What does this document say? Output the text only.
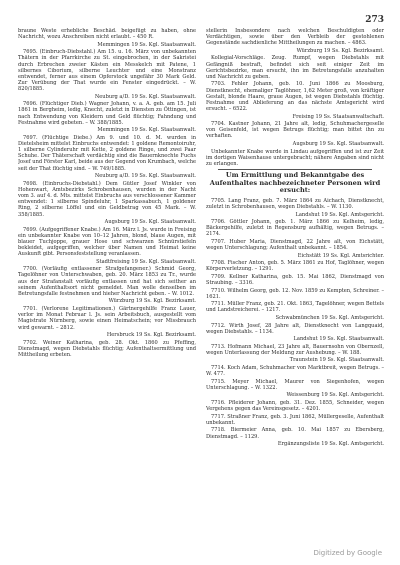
273

braune Weste erhebliche Beschäd. beigefügt zu haben, ohne Nachricht, wozu Anschreiben nicht erlaubt. – 450 R.

Memmingen 19 Ss. Kgl. Staatsanwalt.

7695. (Einbruch-Diebstahl.) Am 15. u. 16. März von unbekannten Thätern in der Pfarrkirche zu St. eingebrochen, in der Sakristei durch Erbrechen zweier Kästen ein Messkelch mit Patene, 1 silbernes Ciborium, silberne Leuchter und eine Monstranz entwendet, ferner aus einem Opferstock ungefähr 30 Mark Geld. Zur Verübung der That wurde ein Fenster eingedrückt. – W. 820/1885.

Neuburg a/D. 19 Ss. Kgl. Staatsanwalt.

7696. (Flüchtiger Dieb.) Wagner Johann, v. a. A. geb. am 15. Juli 1861 in Bergheim, ledig, Knecht, zuletzt in Diensten zu Öttingen, ist nach Entwendung von Kleidern und Geld flüchtig; Fahndung und Festnahme wird gebeten. – W. 388/1885.

Memmingen 19 Ss. Kgl. Staatsanwalt.

7697. (Flüchtige Diebe.) Am 9. und 10. d. M. wurden in Dietelsheim mittelst Einbruchs entwendet: 1 goldene Remontoiruhr, 1 silberne Cylinderuhr mit Kette, 2 goldene Ringe, und zwei Paar Schuhe. Der Thäterschaft verdächtig sind die Bauernknechte Fuchs Josef und Förster Karl, beide aus der Gegend von Krumbach, welche seit der That flüchtig sind. – W. 749/1885.

Neuburg a/D. 19 Ss. Kgl. Staatsanwalt.

7698. (Einbruchs-Diebstahl.) Dem Gütler Josef Winkler von Hohenwart, Amtsbezirks Schrobenhausen, wurden in der Nacht vom 3. auf 4. d. Mts. mittelst Einbruchs aus verschlossener Kammer entwendet: 1 silberne Spindeluhr, 1 Sparkassabuch, 1 goldener Ring, 2 silberne Löffel und ein Geldbetrag von 45 Mark. – W. 358/1885.

Augsburg 19 Ss. Kgl. Staatsanwalt.

7699. (Aufgegriffener Knabe.) Am 16. März l. Js. wurde in Freising ein unbekannter Knabe von 10–12 Jahren, blond, blaue Augen, mit blauer Tuchjoppe, grauer Hose und schwarzen Schnürstiefeln bekleidet, aufgegriffen, welcher über Namen und Heimat keine Auskunft gibt. Personsfeststellung veranlassen.

Stadtfreising 19 Ss. Kgl. Staatsanwalt.

7700. (Vorläufig entlassener Strafgefangener.) Schmid Georg, Tagelöhner von Unterschwaben, geb. 20. März 1853 zu Tr., wurde aus der Strafanstalt vorläufig entlassen und hat sich seither an seinem Aufenthaltsort nicht gemeldet. Man wolle denselben im Betretungsfalle festnehmen und hieher Nachricht geben. – W. 1012.

Würzburg 19 Ss. Kgl. Bezirksamt.

7701. (Verlorene Legitimationen.) Gärtnergehilfe Franz Lauer, verlor im Monat Februar l. Js. sein Arbeitsbuch, ausgestellt vom Magistrate Nürnberg, sowie einen Heimatschein; vor Missbrauch wird gewarnt. – 2812.

Hersbruck 19 Ss. Kgl. Bezirksamt.

7702. Weiner Katharina, geb. 28. Okt. 1860 zu Pfeffing, Dienstmagd, wegen Diebstahls flüchtig; Aufenthaltsermittlung und Mittheilung erbeten.

stellerin Insbesondere nach welchen Beschuldigten oder Verdächtigen, sowie über den Verbleib der gestohlenen Gegenstände sachdienliche Mittheilungen zu machen. – 4863.

Würzburg 19 Ss. Kgl. Bezirksamt.

Kollegial-Vorschläge. Zeug. Rumpf, wegen Diebstahls mit Gefängniß bestraft, befindet sich seit einiger Zeit im Gerichtsbezirke, man ersucht, ihn im Betretungsfalle anzuhalten und Nachricht zu geben.

7703. Fehler Johann, geb. 10. Juni 1866 zu Moosburg, Dienstknecht, ehemaliger Taglöhner, 1,62 Meter groß, von kräftiger Gestalt, blonde Haare, graue Augen, ist wegen Diebstahls flüchtig. Festnahme und Ablieferung an das nächste Amtsgericht wird ersucht. – 6522.

Freising 19 Ss. Staatsanwaltschaft.

7704. Kastner Johann, 21 Jahre alt, ledig, Schuhmachergeselle von Geisenfeld, ist wegen Betrugs flüchtig; man bittet ihn zu verhaften.

Augsburg 19 Ss. Kgl. Staatsanwalt.

Unbekannter Knabe wurde in Lindau aufgegriffen und ist zur Zeit im dortigen Waisenhause untergebracht; nähere Angaben sind nicht zu erlangen.

Um Ermittlung und Bekanntgabe des Aufenthaltes nachbezeichneter Personen wird ersucht:

7705. Lang Franz, geb. 7. März 1864 zu Aichach, Dienstknecht, zuletzt in Schrobenhausen, wegen Diebstahls. – W. 1130.

Landshut 19 Ss. Kgl. Amtsgericht.

7706. Göttler Johann, geb. 1. März 1866 zu Kelheim, ledig, Bäckergehilfe, zuletzt in Regensburg aufhältig, wegen Betrugs. – 2174.

7707. Huber Maria, Dienstmagd, 22 Jahre alt, von Eichstätt, wegen Unterschlagung; Aufenthalt unbekannt. – 1854.

Eichstätt 19 Ss. Kgl. Amtsrichter.

7708. Fischer Anton, geb. 5. März 1861 zu Hof, Taglöhner, wegen Körperverletzung. – 1291.

7709. Kellner Katharina, geb. 15. Mai 1862, Dienstmagd von Straubing. – 3316.

7710. Wilhelm Georg, geb. 12. Nov. 1859 zu Kempten, Schreiner. – 1621.

7711. Müller Franz, geb. 21. Okt. 1863, Tagelöhner, wegen Bettels und Landstreicherei. – 1217.

Schwabmünchen 19 Ss. Kgl. Amtsgericht.

7712. Wirth Josef, 28 Jahre alt, Dienstknecht von Langquaid, wegen Diebstahls. – 1134.

Landshut 19 Ss. Kgl. Staatsanwalt.

7713. Hofmann Michael, 23 Jahre alt, Bauernsohn von Obernzell, wegen Unterlassung der Meldung zur Aushebung. – W. 188.

Traunstein 19 Ss. Kgl. Staatsanwalt.

7714. Koch Adam, Schuhmacher von Marktbreit, wegen Betrugs. – W. 477.

7715. Meyer Michael, Maurer von Siegenhofen, wegen Unterschlagung. – W. 1322.

Weissenburg 19 Ss. Kgl. Amtsgericht.

7716. Pfleiderer Johann, geb. 31. Dez. 1855, Schneider, wegen Vergehens gegen das Vereinsgesetz. – 4201.

7717. Straßner Franz, geb. 3. Juni 1862, Müllergeselle, Aufenthalt unbekannt.

7718. Biermeier Anna, geb. 10. Mai 1857 zu Ebersberg, Dienstmagd. – 1129.

Ergänzungsliste 19 Ss. Kgl. Amtsgericht.

Digitized by Google
